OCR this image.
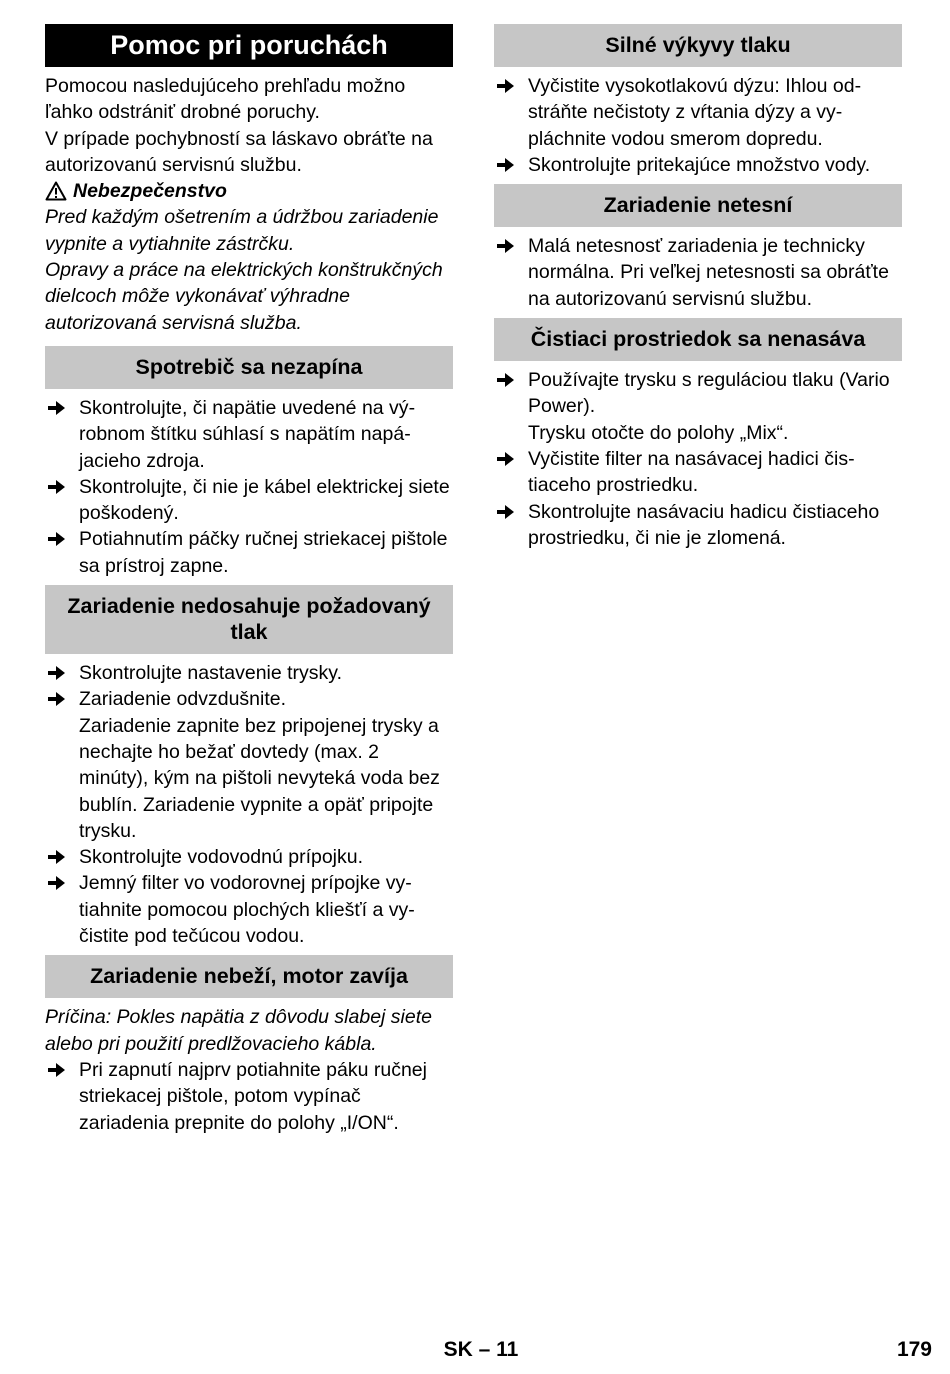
Pomoc pri poruchách

Pomocou nasledujúceho prehľadu možno ľahko odstrániť drobné poruchy.

V prípade pochybností sa láskavo obráťte na autorizovanú servisnú službu.

Nebezpečenstvo

Pred každým ošetrením a údržbou zariadenie vypnite a vytiahnite zástrčku.

Opravy a práce na elektrických konštrukčných dielcoch môže vykonávať výhradne autorizovaná servisná služba.

Spotrebič sa nezapína
Skontrolujte, či napätie uvedené na výrobnom štítku súhlasí s napätím napájacieho zdroja.
Skontrolujte, či nie je kábel elektrickej siete poškodený.
Potiahnutím páčky ručnej striekacej pištole sa prístroj zapne.
Zariadenie nedosahuje požadovaný tlak
Skontrolujte nastavenie trysky.
Zariadenie odvzdušnite.
Zariadenie zapnite bez pripojenej trysky a nechajte ho bežať dovtedy (max. 2 minúty), kým na pištoli nevyteká voda bez bublín. Zariadenie vypnite a opäť pripojte trysku.
Skontrolujte vodovodnú prípojku.
Jemný filter vo vodorovnej prípojke vytiahnite pomocou plochých kliešťí a vyčistite pod tečúcou vodou.
Zariadenie nebeží, motor zavíja

Príčina: Pokles napätia z dôvodu slabej siete alebo pri použití predlžovacieho kábla.

Pri zapnutí najprv potiahnite páku ručnej striekacej pištole, potom vypínač zariadenia prepnite do polohy „I/ON“.
Silné výkyvy tlaku
Vyčistite vysokotlakovú dýzu: Ihlou odstráňte nečistoty z vŕtania dýzy a vypláchnite vodou smerom dopredu.
Skontrolujte pritekajúce množstvo vody.
Zariadenie netesní
Malá netesnosť zariadenia je technicky normálna. Pri veľkej netesnosti sa obráťte na autorizovanú servisnú službu.
Čistiaci prostriedok sa nenasáva
Používajte trysku s reguláciou tlaku (Vario Power).
Trysku otočte do polohy „Mix“.
Vyčistite filter na nasávacej hadici čistiaceho prostriedku.
Skontrolujte nasávaciu hadicu čistiaceho prostriedku, či nie je zlomená.
SK – 11	179
